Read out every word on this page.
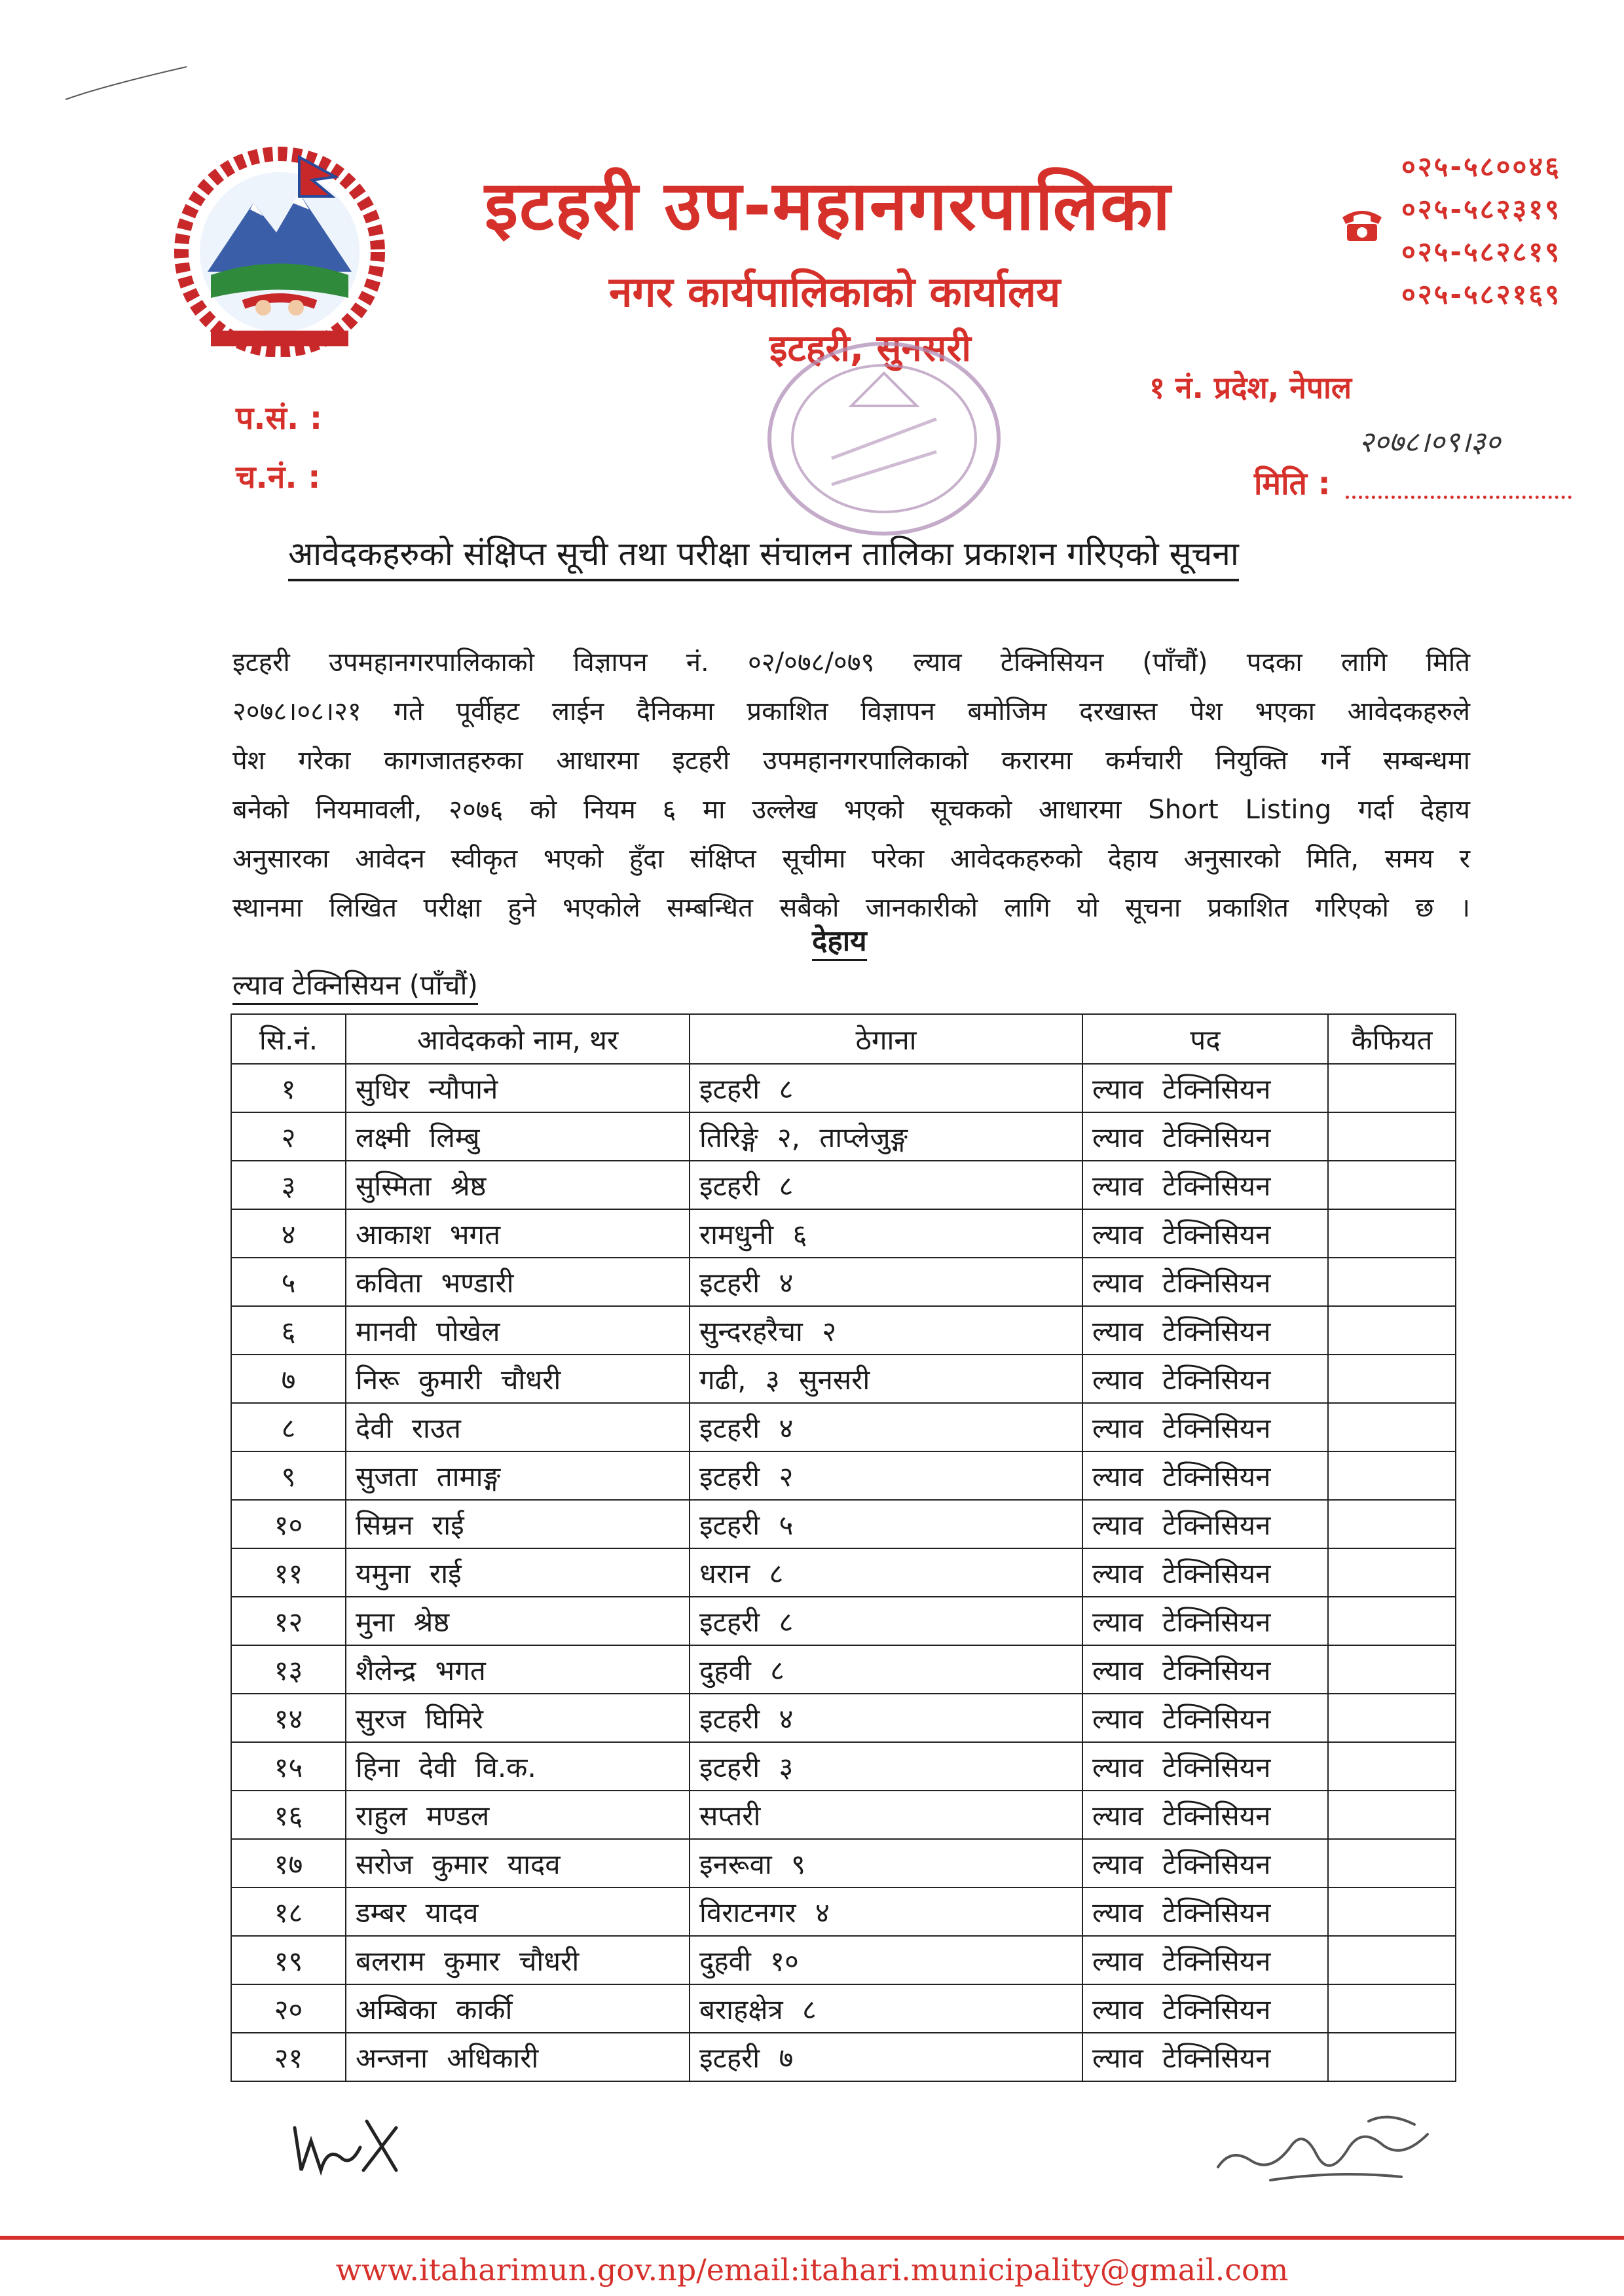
इटहरी उप-महानगरपालिका
नगर कार्यपालिकाको कार्यालय
इटहरी, सुनसरी
१ नं. प्रदेश, नेपाल
०२५-५८००४६
०२५-५८२३१९
०२५-५८२८१९
०२५-५८२१६९
प.सं. :
च.नं. :
२०७८।०९।३०
मिति :
आवेदकहरुको संक्षिप्त सूची तथा परीक्षा संचालन तालिका प्रकाशन गरिएको सूचना
इटहरी उपमहानगरपालिकाको विज्ञापन नं. ०२/०७८/०७९ ल्याव टेक्निसियन (पाँचौं) पदका लागि मिति
२०७८।०८।२१ गते पूर्वीहट लाईन दैनिकमा प्रकाशित विज्ञापन बमोजिम दरखास्त पेश भएका आवेदकहरुले
पेश गरेका कागजातहरुका आधारमा इटहरी उपमहानगरपालिकाको करारमा कर्मचारी नियुक्ति गर्ने सम्बन्धमा
बनेको नियमावली, २०७६ को नियम ६ मा उल्लेख भएको सूचकको आधारमा Short Listing गर्दा देहाय
अनुसारका आवेदन स्वीकृत भएको हुँदा संक्षिप्त सूचीमा परेका आवेदकहरुको देहाय अनुसारको मिति, समय र
स्थानमा लिखित परीक्षा हुने भएकोले सम्बन्धित सबैको जानकारीको लागि यो सूचना प्रकाशित गरिएको छ ।
देहाय
ल्याव टेक्निसियन (पाँचौं)
सि.नं.	आवेदकको नाम, थर	ठेगाना	पद	कैफियत
१	सुधिर न्यौपाने	इटहरी ८	ल्याव टेक्निसियन	
२	लक्ष्मी लिम्बु	तिरिङ्गे २, ताप्लेजुङ्ग	ल्याव टेक्निसियन	
३	सुस्मिता श्रेष्ठ	इटहरी ८	ल्याव टेक्निसियन	
४	आकाश भगत	रामधुनी ६	ल्याव टेक्निसियन	
५	कविता भण्डारी	इटहरी ४	ल्याव टेक्निसियन	
६	मानवी पोखेल	सुन्दरहरैचा २	ल्याव टेक्निसियन	
७	निरू कुमारी चौधरी	गढी, ३ सुनसरी	ल्याव टेक्निसियन	
८	देवी राउत	इटहरी ४	ल्याव टेक्निसियन	
९	सुजता तामाङ्ग	इटहरी २	ल्याव टेक्निसियन	
१०	सिम्रन राई	इटहरी ५	ल्याव टेक्निसियन	
११	यमुना राई	धरान ८	ल्याव टेक्निसियन	
१२	मुना श्रेष्ठ	इटहरी ८	ल्याव टेक्निसियन	
१३	शैलेन्द्र भगत	दुहवी ८	ल्याव टेक्निसियन	
१४	सुरज घिमिरे	इटहरी ४	ल्याव टेक्निसियन	
१५	हिना देवी वि.क.	इटहरी ३	ल्याव टेक्निसियन	
१६	राहुल मण्डल	सप्तरी	ल्याव टेक्निसियन	
१७	सरोज कुमार यादव	इनरूवा ९	ल्याव टेक्निसियन	
१८	डम्बर यादव	विराटनगर ४	ल्याव टेक्निसियन	
१९	बलराम कुमार चौधरी	दुहवी १०	ल्याव टेक्निसियन	
२०	अम्बिका कार्की	बराहक्षेत्र ८	ल्याव टेक्निसियन	
२१	अन्जना अधिकारी	इटहरी ७	ल्याव टेक्निसियन	
www.itaharimun.gov.np/email:itahari.municipality@gmail.com
